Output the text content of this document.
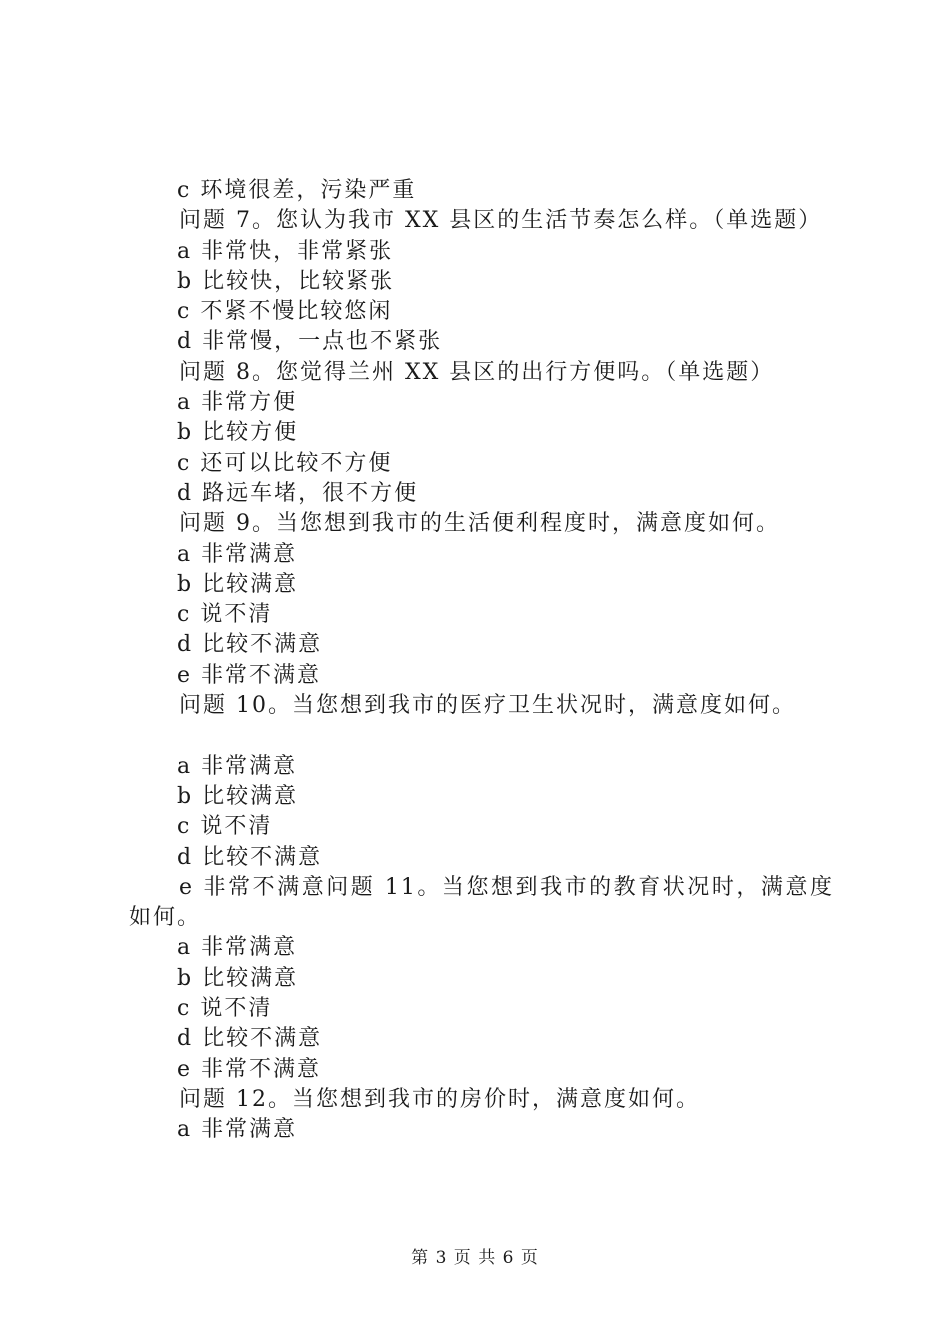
c 环境很差，污染严重
问题 7。您认为我市 XX 县区的生活节奏怎么样。（单选题）
a 非常快，非常紧张
b 比较快，比较紧张
c 不紧不慢比较悠闲
d 非常慢，一点也不紧张
问题 8。您觉得兰州 XX 县区的出行方便吗。（单选题）
a 非常方便
b 比较方便
c 还可以比较不方便
d 路远车堵，很不方便
问题 9。当您想到我市的生活便利程度时，满意度如何。
a 非常满意
b 比较满意
c 说不清
d 比较不满意
e 非常不满意
问题 10。当您想到我市的医疗卫生状况时，满意度如何。
a 非常满意
b 比较满意
c 说不清
d 比较不满意
e 非常不满意问题 11。当您想到我市的教育状况时，满意度如何。
a 非常满意
b 比较满意
c 说不清
d 比较不满意
e 非常不满意
问题 12。当您想到我市的房价时，满意度如何。
a 非常满意
第 3 页 共 6 页
